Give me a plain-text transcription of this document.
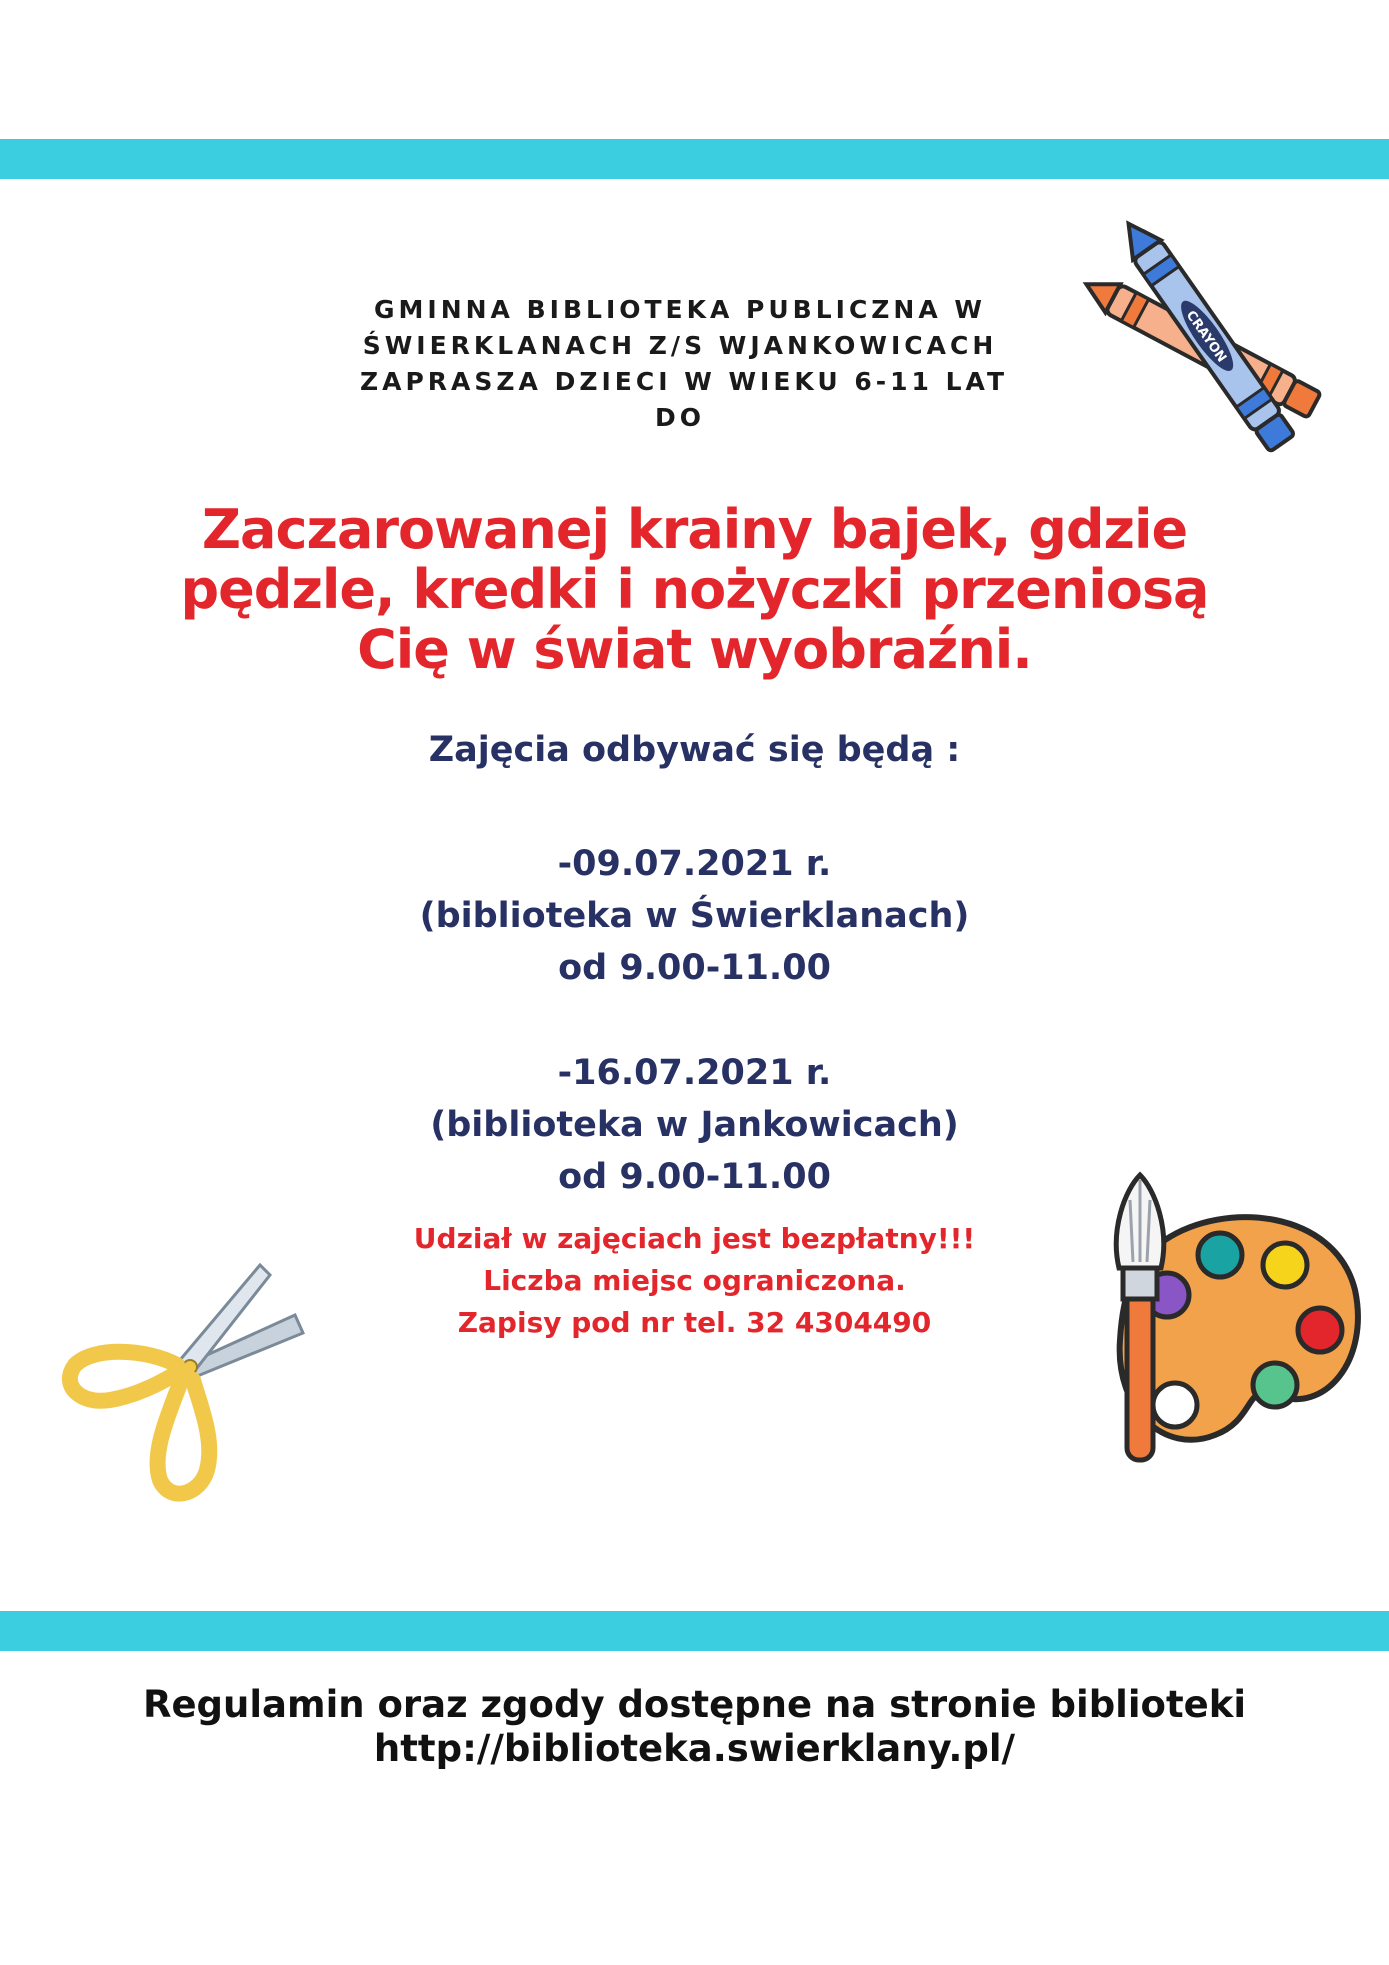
GMINNA BIBLIOTEKA PUBLICZNA W
ŚWIERKLANACH Z/S WJANKOWICACH
ZAPRASZA DZIECI W WIEKU 6-11 LAT
DO
Zaczarowanej krainy bajek, gdzie
pędzle, kredki i nożyczki przeniosą
Cię w świat wyobraźni.
Zajęcia odbywać się będą :
-09.07.2021 r.
(biblioteka w Świerklanach)
od 9.00-11.00
-16.07.2021 r.
(biblioteka w Jankowicach)
od 9.00-11.00
Udział w zajęciach jest bezpłatny!!!
Liczba miejsc ograniczona.
Zapisy pod nr tel. 32 4304490
Regulamin oraz zgody dostępne na stronie biblioteki
http://biblioteka.swierklany.pl/
CRAYON
